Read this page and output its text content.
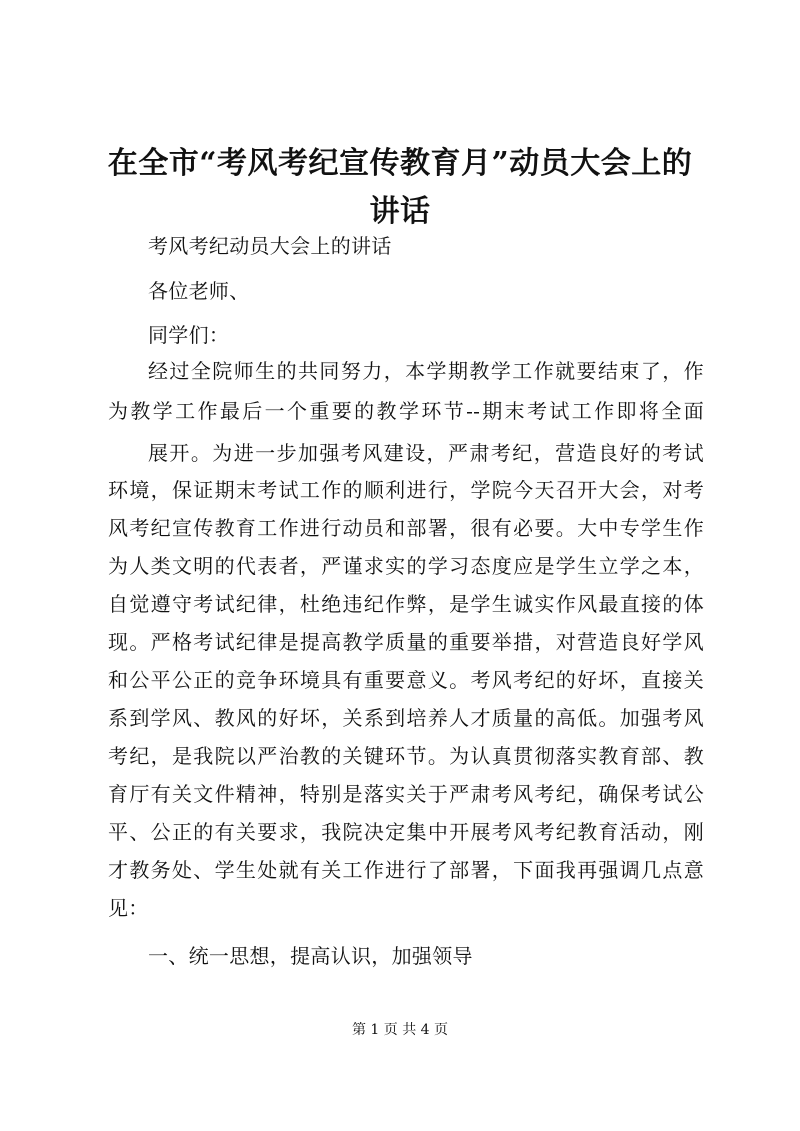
在全市“考风考纪宣传教育月”动员大会上的
讲话
考风考纪动员大会上的讲话
各位老师、
同学们：
经过全院师生的共同努力，本学期教学工作就要结束了，作
为教学工作最后一个重要的教学环节--期末考试工作即将全面
展开。为进一步加强考风建设，严肃考纪，营造良好的考试
环境，保证期末考试工作的顺利进行，学院今天召开大会，对考
风考纪宣传教育工作进行动员和部署，很有必要。大中专学生作
为人类文明的代表者，严谨求实的学习态度应是学生立学之本，
自觉遵守考试纪律，杜绝违纪作弊，是学生诚实作风最直接的体
现。严格考试纪律是提高教学质量的重要举措，对营造良好学风
和公平公正的竞争环境具有重要意义。考风考纪的好坏，直接关
系到学风、教风的好坏，关系到培养人才质量的高低。加强考风
考纪，是我院以严治教的关键环节。为认真贯彻落实教育部、教
育厅有关文件精神，特别是落实关于严肃考风考纪，确保考试公
平、公正的有关要求，我院决定集中开展考风考纪教育活动，刚
才教务处、学生处就有关工作进行了部署，下面我再强调几点意
见：
一、统一思想，提高认识，加强领导
第 1 页 共 4 页
